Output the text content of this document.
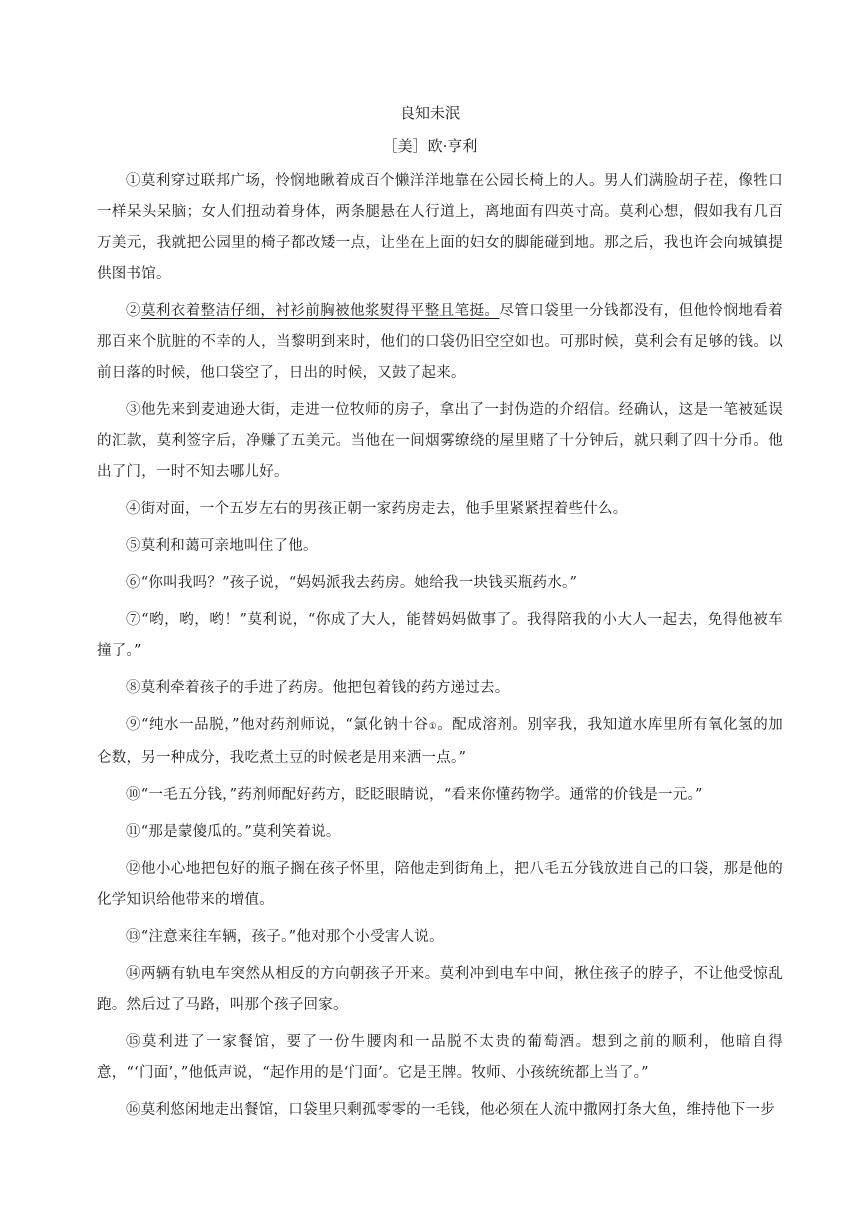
良知未泯
［美］欧·亨利

①莫利穿过联邦广场，怜悯地瞅着成百个懒洋洋地靠在公园长椅上的人。男人们满脸胡子茬，像牲口一样呆头呆脑；女人们扭动着身体，两条腿悬在人行道上，离地面有四英寸高。莫利心想，假如我有几百万美元，我就把公园里的椅子都改矮一点，让坐在上面的妇女的脚能碰到地。那之后，我也许会向城镇提供图书馆。

②莫利衣着整洁仔细，衬衫前胸被他浆熨得平整且笔挺。尽管口袋里一分钱都没有，但他怜悯地看着那百来个肮脏的不幸的人，当黎明到来时，他们的口袋仍旧空空如也。可那时候，莫利会有足够的钱。以前日落的时候，他口袋空了，日出的时候，又鼓了起来。

③他先来到麦迪逊大街，走进一位牧师的房子，拿出了一封伪造的介绍信。经确认，这是一笔被延误的汇款，莫利签字后，净赚了五美元。当他在一间烟雾缭绕的屋里赌了十分钟后，就只剩了四十分币。他出了门，一时不知去哪儿好。

④街对面，一个五岁左右的男孩正朝一家药房走去，他手里紧紧捏着些什么。

⑤莫利和蔼可亲地叫住了他。

⑥“你叫我吗？”孩子说，“妈妈派我去药房。她给我一块钱买瓶药水。”

⑦“哟，哟，哟！”莫利说，“你成了大人，能替妈妈做事了。我得陪我的小大人一起去，免得他被车撞了。”

⑧莫利牵着孩子的手进了药房。他把包着钱的药方递过去。

⑨“纯水一品脱，”他对药剂师说，“氯化钠十谷①。配成溶剂。别宰我，我知道水库里所有氧化氢的加仑数，另一种成分，我吃煮土豆的时候老是用来洒一点。”

⑩“一毛五分钱，”药剂师配好药方，眨眨眼睛说，“看来你懂药物学。通常的价钱是一元。”

⑪“那是蒙傻瓜的。”莫利笑着说。

⑫他小心地把包好的瓶子搁在孩子怀里，陪他走到街角上，把八毛五分钱放进自己的口袋，那是他的化学知识给他带来的增值。

⑬“注意来往车辆，孩子。”他对那个小受害人说。

⑭两辆有轨电车突然从相反的方向朝孩子开来。莫利冲到电车中间，揪住孩子的脖子，不让他受惊乱跑。然后过了马路，叫那个孩子回家。

⑮莫利进了一家餐馆，要了一份牛腰肉和一品脱不太贵的葡萄酒。想到之前的顺利，他暗自得意，“‘门面’，”他低声说，“起作用的是‘门面’。它是王牌。牧师、小孩统统都上当了。”

⑯莫利悠闲地走出餐馆，口袋里只剩孤零零的一毛钱，他必须在人流中撒网打条大鱼，维持他下一步
